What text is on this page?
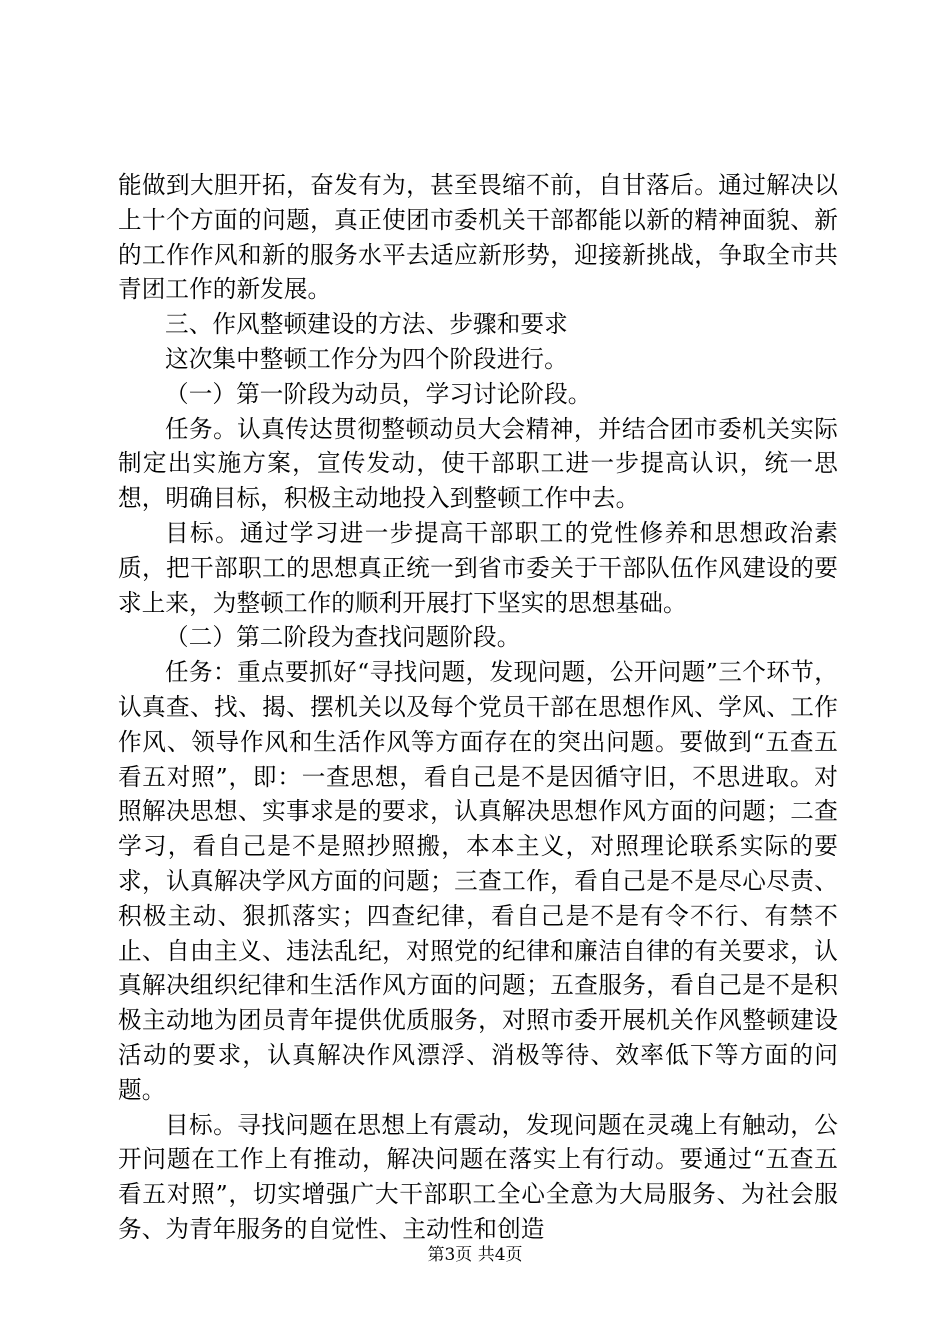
能做到大胆开拓，奋发有为，甚至畏缩不前，自甘落后。通过解决以上十个方面的问题，真正使团市委机关干部都能以新的精神面貌、新的工作作风和新的服务水平去适应新形势，迎接新挑战，争取全市共青团工作的新发展。

三、作风整顿建设的方法、步骤和要求

这次集中整顿工作分为四个阶段进行。

（一）第一阶段为动员，学习讨论阶段。

任务。认真传达贯彻整顿动员大会精神，并结合团市委机关实际制定出实施方案，宣传发动，使干部职工进一步提高认识，统一思想，明确目标，积极主动地投入到整顿工作中去。

目标。通过学习进一步提高干部职工的党性修养和思想政治素质，把干部职工的思想真正统一到省市委关于干部队伍作风建设的要求上来，为整顿工作的顺利开展打下坚实的思想基础。

（二）第二阶段为查找问题阶段。

任务：重点要抓好“寻找问题，发现问题，公开问题”三个环节，认真查、找、揭、摆机关以及每个党员干部在思想作风、学风、工作作风、领导作风和生活作风等方面存在的突出问题。要做到“五查五看五对照”，即：一查思想，看自己是不是因循守旧，不思进取。对照解决思想、实事求是的要求，认真解决思想作风方面的问题；二查学习，看自己是不是照抄照搬，本本主义，对照理论联系实际的要求，认真解决学风方面的问题；三查工作，看自己是不是尽心尽责、积极主动、狠抓落实；四查纪律，看自己是不是有令不行、有禁不止、自由主义、违法乱纪，对照党的纪律和廉洁自律的有关要求，认真解决组织纪律和生活作风方面的问题；五查服务，看自己是不是积极主动地为团员青年提供优质服务，对照市委开展机关作风整顿建设活动的要求，认真解决作风漂浮、消极等待、效率低下等方面的问题。

目标。寻找问题在思想上有震动，发现问题在灵魂上有触动，公开问题在工作上有推动，解决问题在落实上有行动。要通过“五查五看五对照”，切实增强广大干部职工全心全意为大局服务、为社会服务、为青年服务的自觉性、主动性和创造

第3页 共4页
